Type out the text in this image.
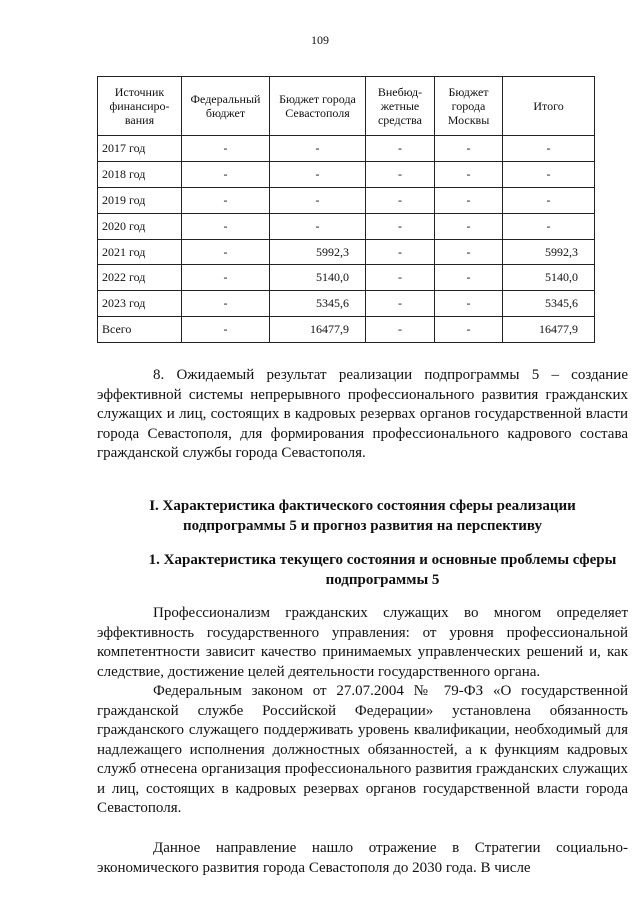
109
Источник финансиро-вания	Федеральный бюджет	Бюджет города Севастополя	Внебюд-жетные средства	Бюджет города Москвы	Итого
2017 год	-	-	-	-	-
2018 год	-	-	-	-	-
2019 год	-	-	-	-	-
2020 год	-	-	-	-	-
2021 год	-	5992,3	-	-	5992,3
2022 год	-	5140,0	-	-	5140,0
2023 год	-	5345,6	-	-	5345,6
Всего	-	16477,9	-	-	16477,9

8. Ожидаемый результат реализации подпрограммы 5 – создание эффективной системы непрерывного профессионального развития гражданских служащих и лиц, состоящих в кадровых резервах органов государственной власти города Севастополя, для формирования профессионального кадрового состава гражданской службы города Севастополя.

I. Характеристика фактического состояния сферы реализации подпрограммы 5 и прогноз развития на перспективу
1. Характеристика текущего состояния и основные проблемы сферы подпрограммы 5

Профессионализм гражданских служащих во многом определяет эффективность государственного управления: от уровня профессиональной компетентности зависит качество принимаемых управленческих решений и, как следствие, достижение целей деятельности государственного органа.

Федеральным законом от 27.07.2004 № 79-ФЗ «О государственной гражданской службе Российской Федерации» установлена обязанность гражданского служащего поддерживать уровень квалификации, необходимый для надлежащего исполнения должностных обязанностей, а к функциям кадровых служб отнесена организация профессионального развития гражданских служащих и лиц, состоящих в кадровых резервах органов государственной власти города Севастополя.

Данное направление нашло отражение в Стратегии социально-экономического развития города Севастополя до 2030 года. В числе
